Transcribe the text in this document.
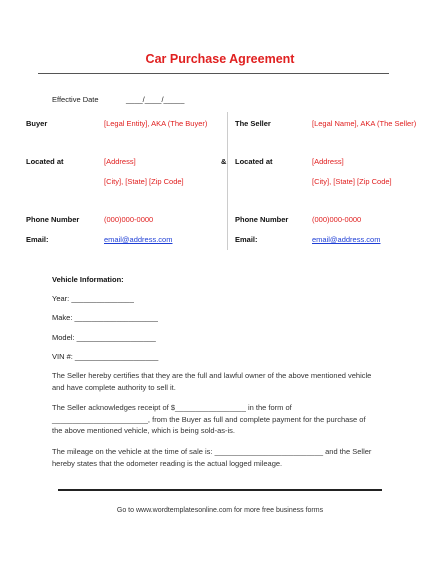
Car Purchase Agreement
Effective Date	____/____/_____
Buyer	[Legal Entity], AKA (The Buyer)
Located at	[Address]
[City], [State] [Zip Code]
Phone Number	(000)000-0000
Email:	email@address.com
&
The Seller	[Legal Name], AKA (The Seller)
Located at	[Address]
[City], [State] [Zip Code]
Phone Number	(000)000-0000
Email:	email@address.com
Vehicle Information:
Year: _______________
Make: ____________________
Model: ___________________
VIN #: ____________________
The Seller hereby certifies that they are the full and lawful owner of the above mentioned vehicle and have complete authority to sell it.
The Seller acknowledges receipt of $_________________ in the form of _______________________, from the Buyer as full and complete payment for the purchase of the above mentioned vehicle, which is being sold-as-is.
The mileage on the vehicle at the time of sale is: __________________________ and the Seller hereby states that the odometer reading is the actual logged mileage.
Go to www.wordtemplatesonline.com for more free business forms
